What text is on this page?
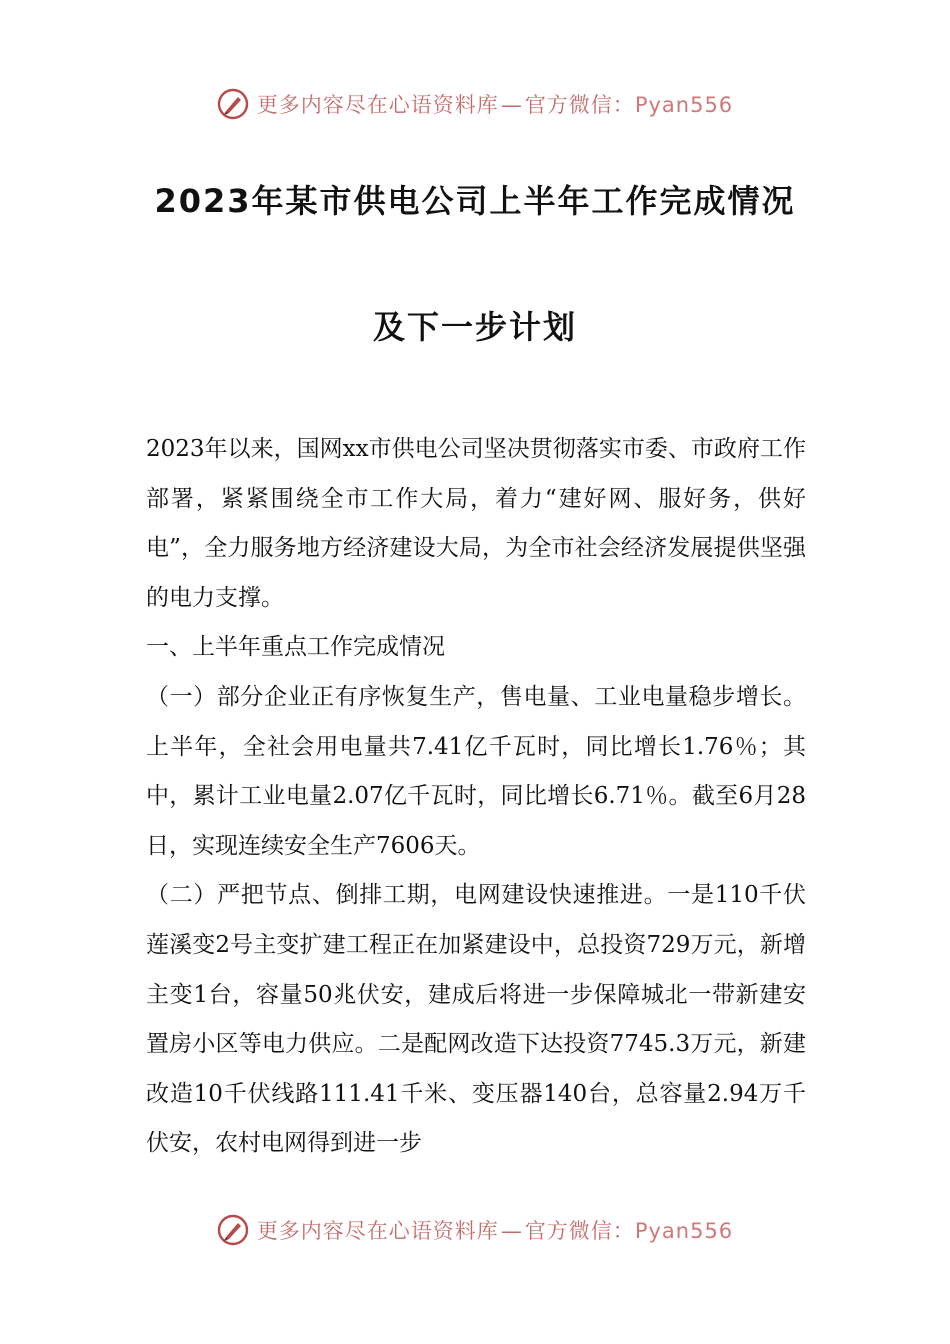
更多内容尽在心语资料库—官方微信：Pyan556
2023年某市供电公司上半年工作完成情况
及下一步计划

2023年以来，国网xx市供电公司坚决贯彻落实市委、市政府工作部署，紧紧围绕全市工作大局，着力“建好网、服好务，供好电”，全力服务地方经济建设大局，为全市社会经济发展提供坚强的电力支撑。

一、上半年重点工作完成情况

（一）部分企业正有序恢复生产，售电量、工业电量稳步增长。上半年，全社会用电量共7.41亿千瓦时，同比增长1.76％；其中，累计工业电量2.07亿千瓦时，同比增长6.71％。截至6月28日，实现连续安全生产7606天。

（二）严把节点、倒排工期，电网建设快速推进。一是110千伏莲溪变2号主变扩建工程正在加紧建设中，总投资729万元，新增主变1台，容量50兆伏安，建成后将进一步保障城北一带新建安置房小区等电力供应。二是配网改造下达投资7745.3万元，新建改造10千伏线路111.41千米、变压器140台，总容量2.94万千伏安，农村电网得到进一步

更多内容尽在心语资料库—官方微信：Pyan556
